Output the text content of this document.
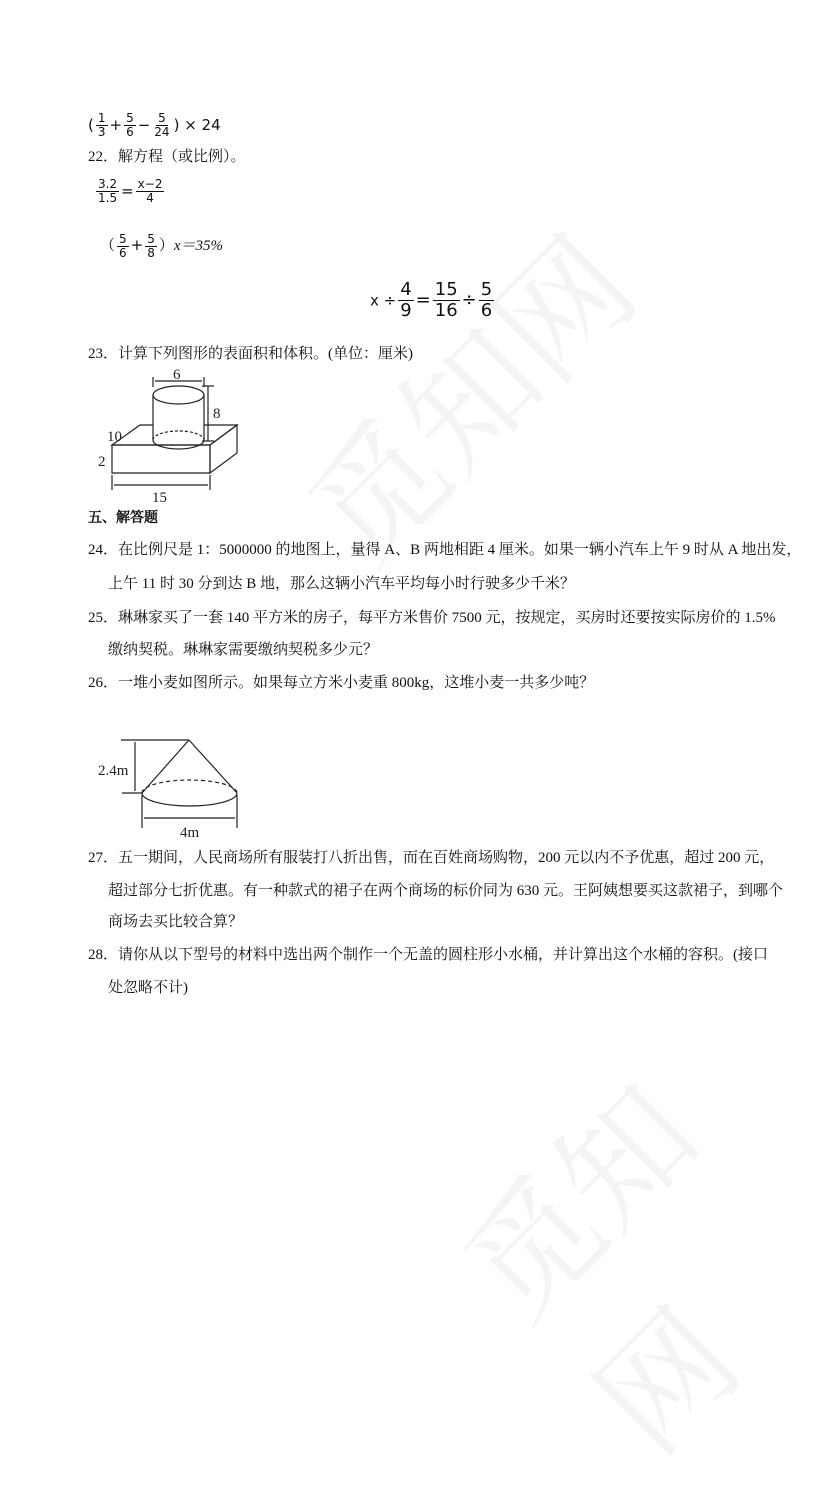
( $\frac{1}{3} + \frac{5}{6} - \frac{5}{24}$ ) × 24
22．解方程（或比例）。
$\frac{3.2}{1.5} = \frac{x-2}{4}$
（ $\frac{5}{6} + \frac{5}{8} )x=35\%$
$x \div \frac{4}{9} = \frac{15}{16} \div \frac{5}{6}$
23．计算下列图形的表面积和体积。(单位：厘米)
6
8
10
2
15
五、解答题
24．在比例尺是 1：5000000 的地图上，量得 A、B 两地相距 4 厘米。如果一辆小汽车上午 9 时从 A 地出发，
上午 11 时 30 分到达 B 地，那么这辆小汽车平均每小时行驶多少千米？
25．琳琳家买了一套 140 平方米的房子，每平方米售价 7500 元，按规定，买房时还要按实际房价的 1.5%
缴纳契税。琳琳家需要缴纳契税多少元？
26．一堆小麦如图所示。如果每立方米小麦重 800kg，这堆小麦一共多少吨？
2.4m
4m
27．五一期间，人民商场所有服装打八折出售，而在百姓商场购物，200 元以内不予优惠，超过 200 元，
超过部分七折优惠。有一种款式的裙子在两个商场的标价同为 630 元。王阿姨想要买这款裙子，到哪个
商场去买比较合算？
28．请你从以下型号的材料中选出两个制作一个无盖的圆柱形小水桶，并计算出这个水桶的容积。(接口
处忽略不计)
